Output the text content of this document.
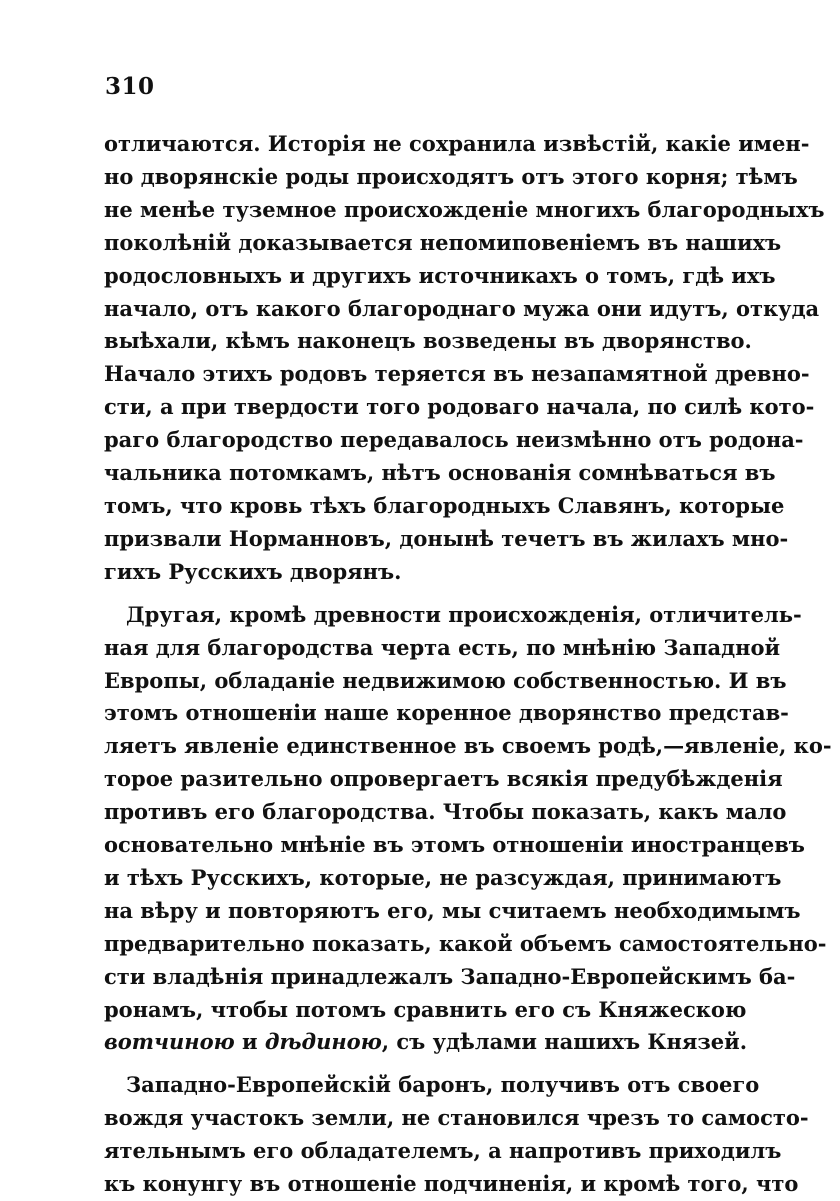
310
отличаются. Исторія не сохранила извѣстій, какіе имен-
но дворянскіе роды происходятъ отъ этого корня; тѣмъ
не менѣе туземное происхожденіе многихъ благородныхъ
поколѣній доказывается непомиповеніемъ въ нашихъ
родословныхъ и другихъ источникахъ о томъ, гдѣ ихъ
начало, отъ какого благороднаго мужа они идутъ, откуда
выѣхали, кѣмъ наконецъ возведены въ дворянство.
Начало этихъ родовъ теряется въ незапамятной древно-
сти, а при твердости того родоваго начала, по силѣ кото-
раго благородство передавалось неизмѣнно отъ родона-
чальника потомкамъ, нѣтъ основанія сомнѣваться въ
томъ, что кровь тѣхъ благородныхъ Славянъ, которые
призвали Норманновъ, донынѣ течетъ въ жилахъ мно-
гихъ Русскихъ дворянъ.
Другая, кромѣ древности происхожденія, отличитель-
ная для благородства черта есть, по мнѣнію Западной
Европы, обладаніе недвижимою собственностью. И въ
этомъ отношеніи наше коренное дворянство представ-
ляетъ явленіе единственное въ своемъ родѣ,—явленіе, ко-
торое разительно опровергаетъ всякія предубѣжденія
противъ его благородства. Чтобы показать, какъ мало
основательно мнѣніе въ этомъ отношеніи иностранцевъ
и тѣхъ Русскихъ, которые, не разсуждая, принимаютъ
на вѣру и повторяютъ его, мы считаемъ необходимымъ
предварительно показать, какой объемъ самостоятельно-
сти владѣнія принадлежалъ Западно-Европейскимъ ба-
ронамъ, чтобы потомъ сравнить его съ Княжескою
вотчиною и дѣдиною, съ удѣлами нашихъ Князей.
Западно-Европейскій баронъ, получивъ отъ своего
вождя участокъ земли, не становился чрезъ то самосто-
ятельнымъ его обладателемъ, а напротивъ приходилъ
къ конунгу въ отношеніе подчиненія, и кромѣ того, что
